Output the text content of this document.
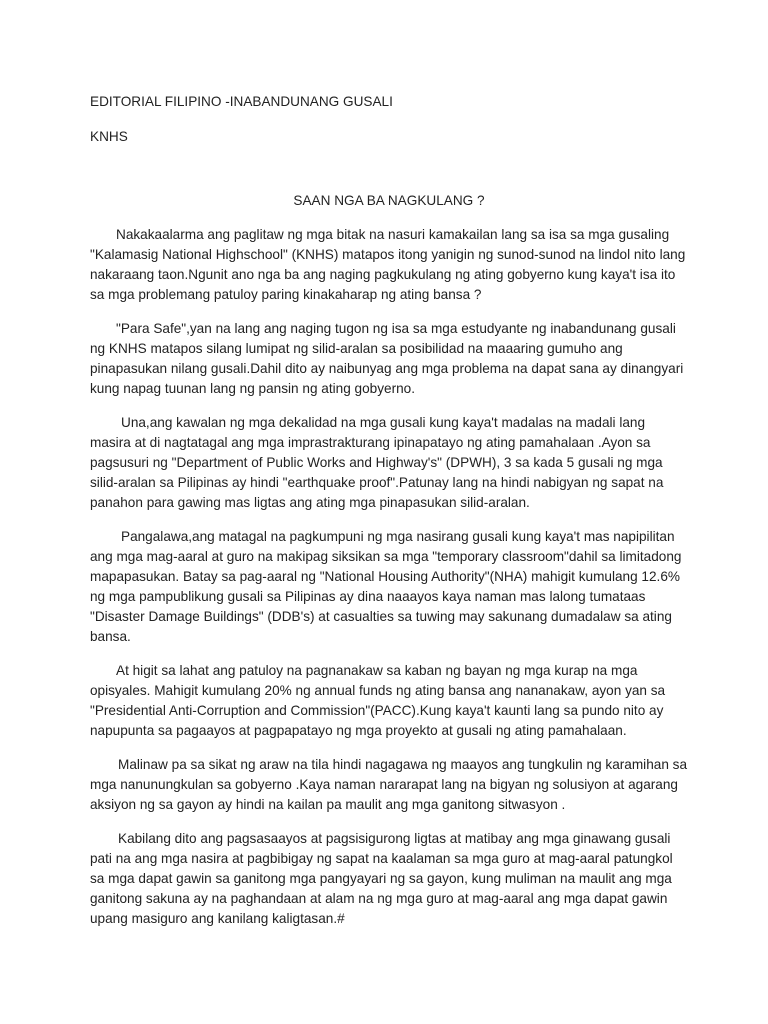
EDITORIAL FILIPINO -INABANDUNANG GUSALI

KNHS

SAAN NGA BA NAGKULANG ?

Nakakaalarma ang paglitaw ng mga bitak na nasuri kamakailan lang sa isa sa mga gusaling "Kalamasig National Highschool" (KNHS) matapos itong yanigin ng sunod-sunod na lindol nito lang nakaraang taon.Ngunit ano nga ba ang naging pagkukulang ng ating gobyerno kung kaya't isa ito sa mga problemang patuloy paring kinakaharap ng ating bansa ?

"Para Safe",yan na lang ang naging tugon ng isa sa mga estudyante ng inabandunang gusali ng KNHS matapos silang lumipat ng silid-aralan sa posibilidad na maaaring gumuho ang pinapasukan nilang gusali.Dahil dito ay naibunyag ang mga problema na dapat sana ay dinangyari kung napag tuunan lang ng pansin ng ating gobyerno.

Una,ang kawalan ng mga dekalidad na mga gusali kung kaya't madalas na madali lang masira at di nagtatagal ang mga imprastrakturang ipinapatayo ng ating pamahalaan .Ayon sa pagsusuri ng "Department of Public Works and Highway's" (DPWH), 3 sa kada 5 gusali ng mga silid-aralan sa Pilipinas ay hindi "earthquake proof".Patunay lang na hindi nabigyan ng sapat na panahon para gawing mas ligtas ang ating mga pinapasukan silid-aralan.

Pangalawa,ang matagal na pagkumpuni ng mga nasirang gusali kung kaya't mas napipilitan ang mga mag-aaral at guro na makipag siksikan sa mga "temporary classroom"dahil sa limitadong mapapasukan. Batay sa pag-aaral ng "National Housing Authority"(NHA) mahigit kumulang 12.6% ng mga pampublikung gusali sa Pilipinas ay dina naaayos kaya naman mas lalong tumataas "Disaster Damage Buildings" (DDB's) at casualties sa tuwing may sakunang dumadalaw sa ating bansa.

At higit sa lahat ang patuloy na pagnanakaw sa kaban ng bayan ng mga kurap na mga opisyales. Mahigit kumulang 20% ng annual funds ng ating bansa ang nananakaw, ayon yan sa "Presidential Anti-Corruption and Commission"(PACC).Kung kaya't kaunti lang sa pundo nito ay napupunta sa pagaayos at pagpapatayo ng mga proyekto at gusali ng ating pamahalaan.

Malinaw pa sa sikat ng araw na tila hindi nagagawa ng maayos ang tungkulin ng karamihan sa mga nanunungkulan sa gobyerno .Kaya naman nararapat lang na bigyan ng solusiyon at agarang aksiyon ng sa gayon ay hindi na kailan pa maulit ang mga ganitong sitwasyon .

Kabilang dito ang pagsasaayos at pagsisigurong ligtas at matibay ang mga ginawang gusali pati na ang mga nasira at pagbibigay ng sapat na kaalaman sa mga guro at mag-aaral patungkol sa mga dapat gawin sa ganitong mga pangyayari ng sa gayon, kung muliman na maulit ang mga ganitong sakuna ay na paghandaan at alam na ng mga guro at mag-aaral ang mga dapat gawin upang masiguro ang kanilang kaligtasan.#
